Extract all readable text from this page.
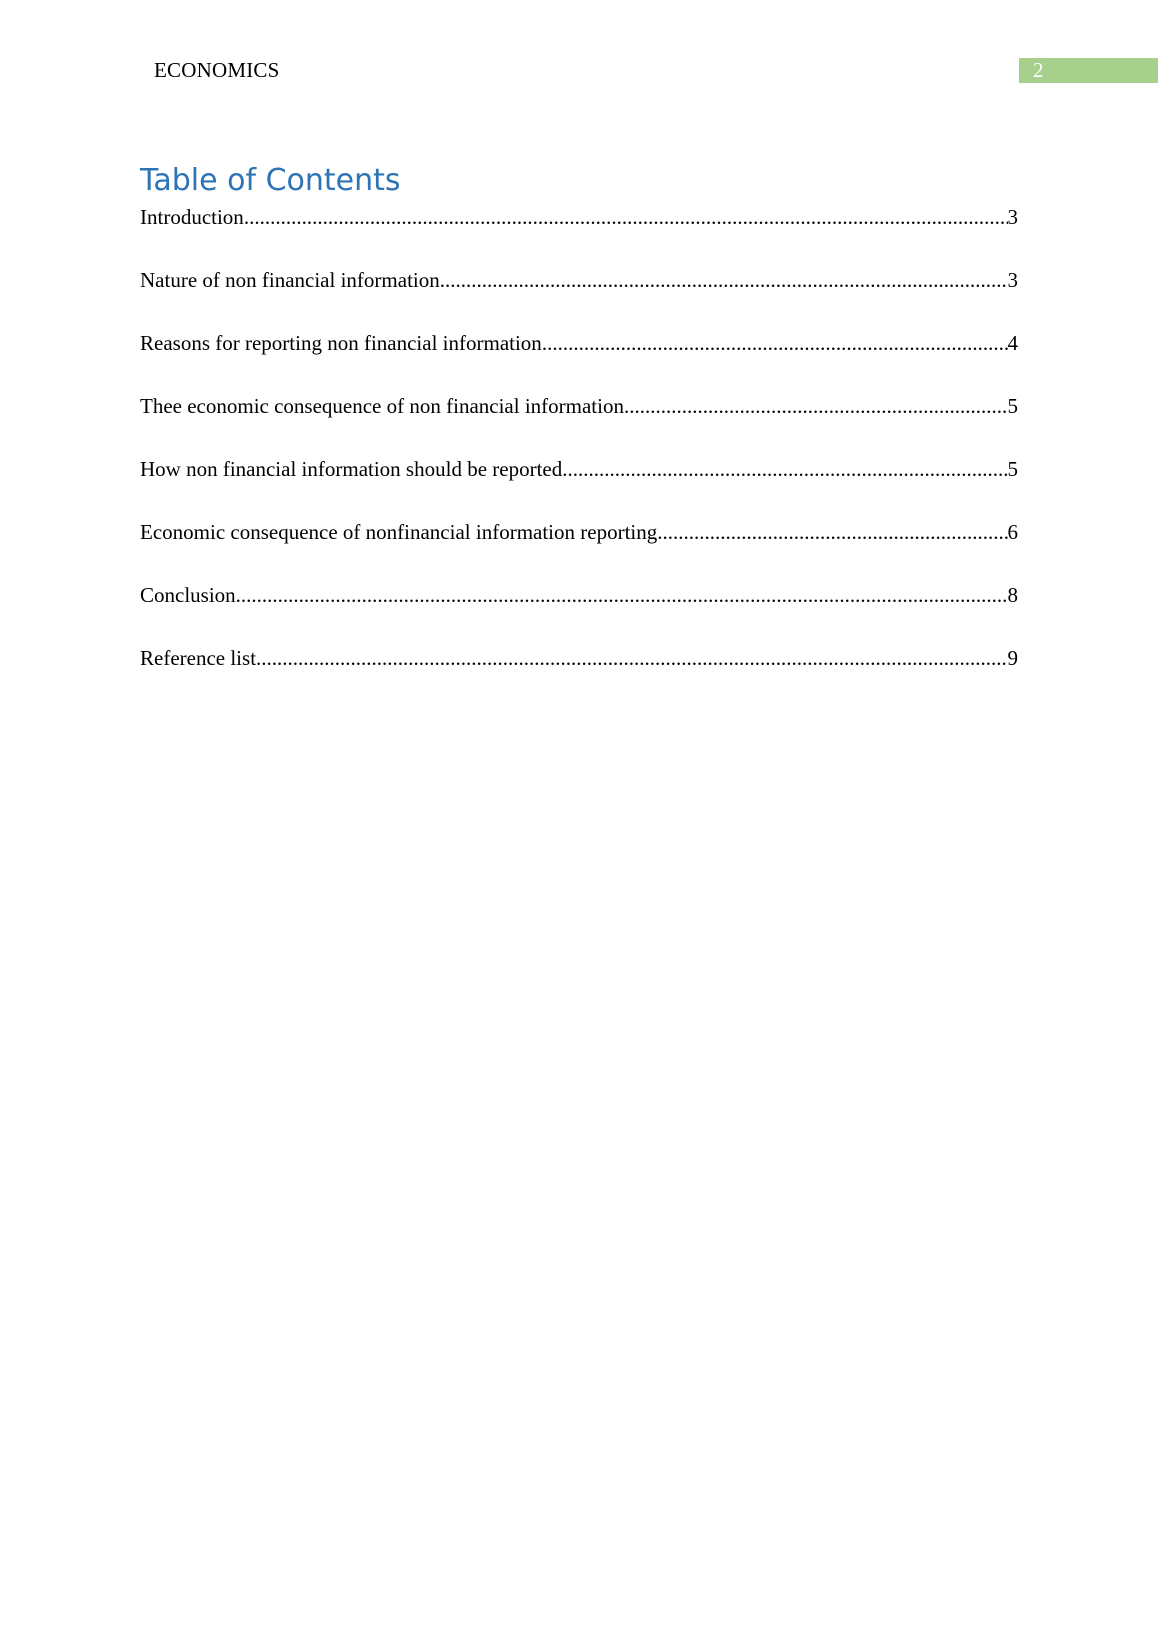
ECONOMICS	2
Table of Contents
Introduction .....	3
Nature of non financial information .....	3
Reasons for reporting non financial information .....	4
Thee economic consequence of non financial information .....	5
How non financial information should be reported .....	5
Economic consequence of nonfinancial information reporting .....	6
Conclusion .....	8
Reference list .....	9
